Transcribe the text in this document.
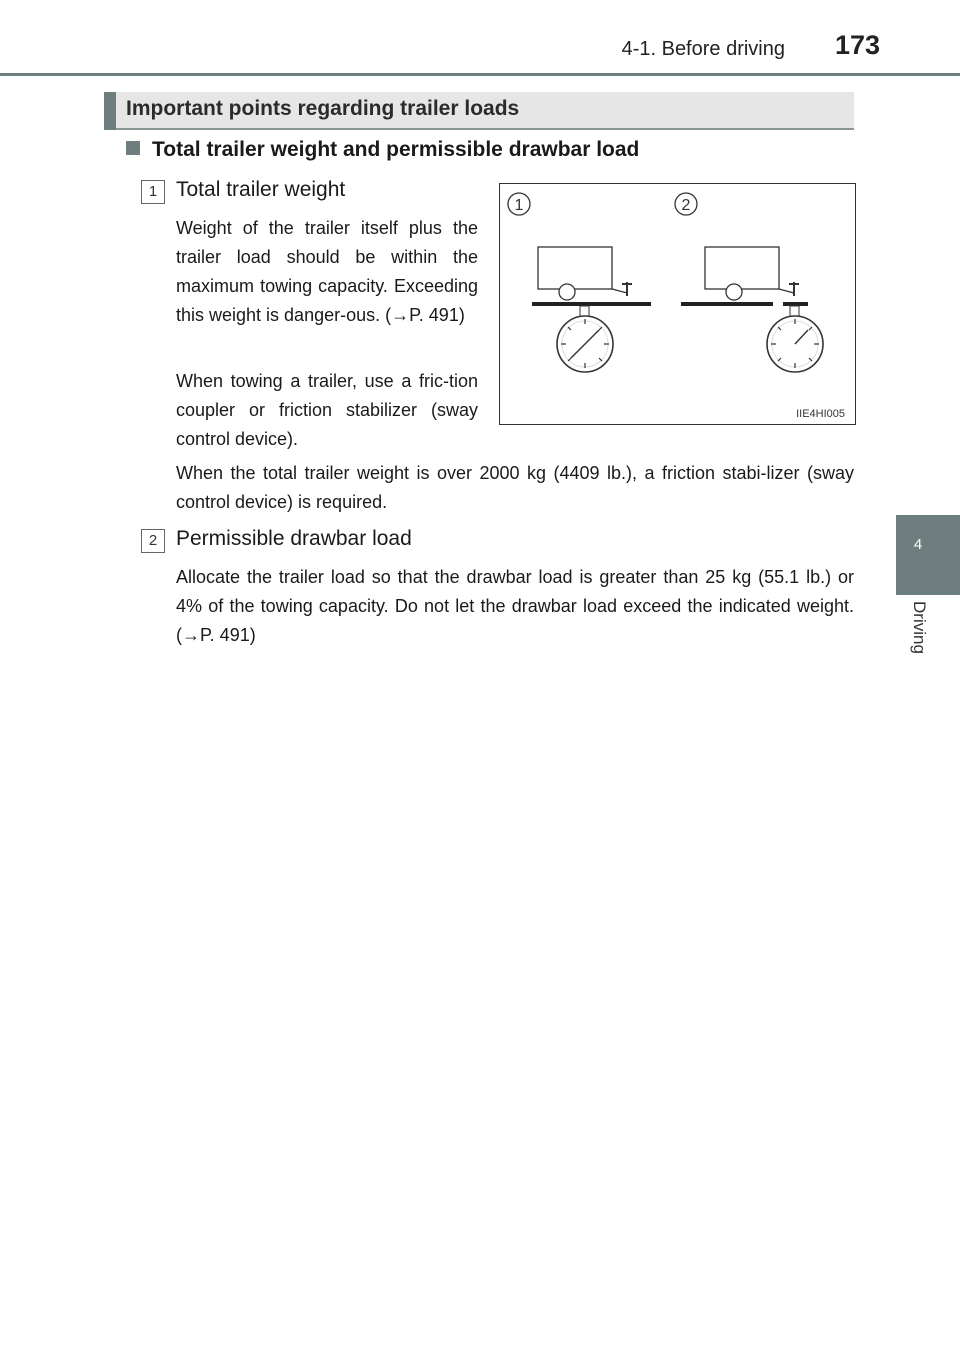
4-1. Before driving 173
4
Driving
Important points regarding trailer loads
Total trailer weight and permissible drawbar load
1 Total trailer weight

Weight of the trailer itself plus the trailer load should be within the maximum towing capacity. Exceeding this weight is danger-ous. (→P. 491)

When towing a trailer, use a fric-tion coupler or friction stabilizer (sway control device).

When the total trailer weight is over 2000 kg (4409 lb.), a friction stabi-lizer (sway control device) is required.

2 Permissible drawbar load

Allocate the trailer load so that the drawbar load is greater than 25 kg (55.1 lb.) or 4% of the towing capacity. Do not let the drawbar load exceed the indicated weight. (→P. 491)

1	2
IIE4HI005
